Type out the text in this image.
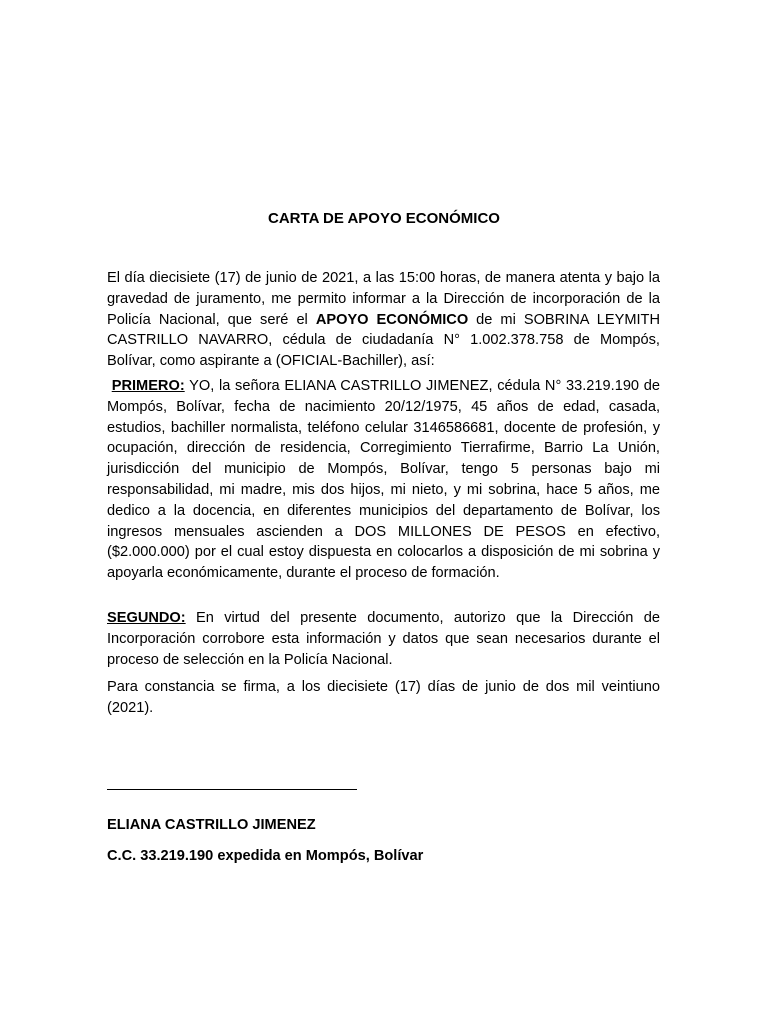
CARTA DE APOYO ECONÓMICO

El día diecisiete (17) de junio de 2021, a las 15:00 horas, de manera atenta y bajo la gravedad de juramento, me permito informar a la Dirección de incorporación de la Policía Nacional, que seré el APOYO ECONÓMICO de mi SOBRINA LEYMITH CASTRILLO NAVARRO, cédula de ciudadanía N° 1.002.378.758 de Mompós, Bolívar, como aspirante a (OFICIAL-Bachiller), así:

PRIMERO: YO, la señora ELIANA CASTRILLO JIMENEZ, cédula N° 33.219.190 de Mompós, Bolívar, fecha de nacimiento 20/12/1975, 45 años de edad, casada, estudios, bachiller normalista, teléfono celular 3146586681, docente de profesión, y ocupación, dirección de residencia, Corregimiento Tierrafirme, Barrio La Unión, jurisdicción del municipio de Mompós, Bolívar, tengo 5 personas bajo mi responsabilidad, mi madre, mis dos hijos, mi nieto, y mi sobrina, hace 5 años, me dedico a la docencia, en diferentes municipios del departamento de Bolívar, los ingresos mensuales ascienden a DOS MILLONES DE PESOS en efectivo, ($2.000.000) por el cual estoy dispuesta en colocarlos a disposición de mi sobrina y apoyarla económicamente, durante el proceso de formación.

SEGUNDO: En virtud del presente documento, autorizo que la Dirección de Incorporación corrobore esta información y datos que sean necesarios durante el proceso de selección en la Policía Nacional.

Para constancia se firma, a los diecisiete (17) días de junio de dos mil veintiuno (2021).

ELIANA CASTRILLO JIMENEZ
C.C. 33.219.190 expedida en Mompós, Bolívar
